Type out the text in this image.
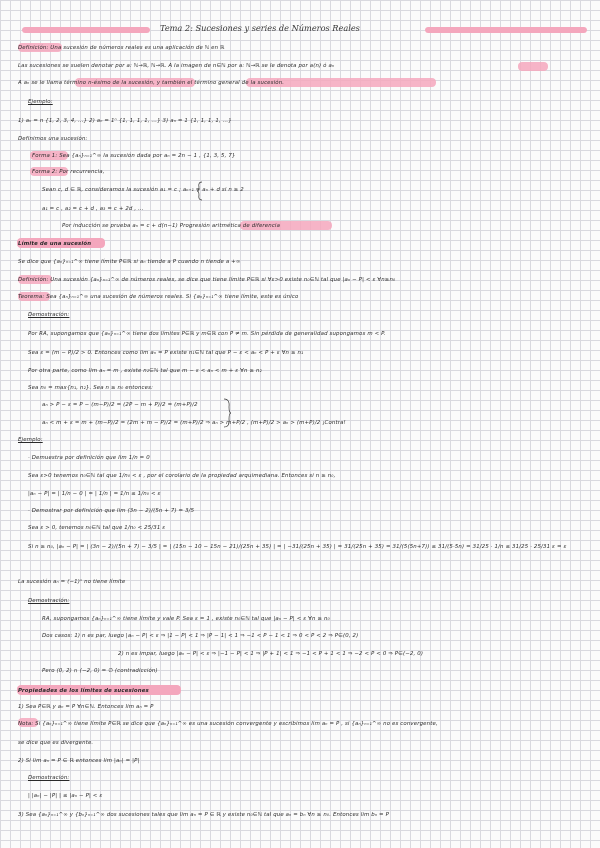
Tema 2: Sucesiones y series de Números Reales
Definición: Una sucesión de números reales es una aplicación de ℕ en ℝ
Las sucesiones se suelen denotar por a: ℕ→ℝ, ℕ→ℝ. A la imagen de n∈ℕ por a: ℕ→ℝ se le denota por a(n) ó aₙ
A aₙ se le llama término n-ésimo de la sucesión, y también el término general de la sucesión.
Ejemplo:
1) aₙ = n {1, 2, 3, 4, ...} 2) aₙ = 1ⁿ {1, 1, 1, 1, ...} 3) aₙ = 1 {1, 1, 1, 1, ...}
Definimos una sucesión:
Forma 1: Sea {aₙ}ₙ₌₁^∞ la sucesión dada por aₙ = 2n − 1 , {1, 3, 5, 7}
Forma 2: Por recurrencia,
Sean c, d ∈ ℝ, consideramos la sucesión a₁ = c ; aₙ₊₁ = aₙ + d si n ≥ 2
a₁ = c , a₂ = c + d , a₃ = c + 2d , ...
Por inducción se prueba aₙ = c + d(n−1) Progresión aritmética de diferencia
Límite de una sucesión
Se dice que {aₙ}ₙ₌₁^∞ tiene límite P∈ℝ si aₙ tiende a P cuando n tiende a +∞
Definición: Una sucesión {aₙ}ₙ₌₁^∞ de números reales, se dice que tiene límite P∈ℝ si ∀ε>0 existe n₀∈ℕ tal que |aₙ − P| < ε ∀n≥n₀
Teorema: Sea {aₙ}ₙ₌₁^∞ una sucesión de números reales. Si {aₙ}ₙ₌₁^∞ tiene límite, este es único
Demostración:
Por RA, supongamos que {aₙ}ₙ₌₁^∞ tiene dos límites P∈ℝ y m∈ℝ con P ≠ m. Sin pérdida de generalidad supongamos m < P.
Sea ε = (m − P)/2 > 0. Entonces como lim aₙ = P existe n₁∈ℕ tal que P − ε < aₙ < P + ε ∀n ≥ n₁
Por otra parte, como lim aₙ = m , existe n₂∈ℕ tal que m − ε < aₙ < m + ε ∀n ≥ n₂
Sea n₀ = max{n₁, n₂}. Sea n ≥ n₀ entonces:
aₙ > P − ε = P − (m−P)/2 = (2P − m + P)/2 = (m+P)/2
aₙ < m + ε = m + (m−P)/2 = (2m + m − P)/2 = (m+P)/2 ⇒ aₙ > m+P/2 , (m+P)/2 > aₙ > (m+P)/2 ¡Contra!
Ejemplo:
· Demuestra por definición que lim 1/n = 0
Sea ε>0 tenemos n₀∈ℕ tal que 1/n₀ < ε , por el corolario de la propiedad arquimediana. Entonces si n ≥ n₀,
|aₙ − P| = | 1/n − 0 | = | 1/n | = 1/n ≤ 1/n₀ < ε
· Demostrar por definición que lim (3n − 2)/(5n + 7) = 3/5
Sea ε > 0, tenemos n₀∈ℕ tal que 1/n₀ < 25/31 ε
Si n ≥ n₀, |aₙ − P| = | (3n − 2)/(5n + 7) − 3/5 | = | (15n − 10 − 15n − 21)/(25n + 35) | = | −31/(25n + 35) | = 31/(25n + 35) = 31/(5(5n+7)) ≤ 31/(5·5n) = 31/25 · 1/n ≤ 31/25 · 25/31 ε = ε
La sucesión aₙ = (−1)ⁿ no tiene límite
Demostración:
RA, supongamos {aₙ}ₙ₌₁^∞ tiene límite y vale P. Sea ε = 1 , existe n₀∈ℕ tal que |aₙ − P| < ε ∀n ≥ n₀
Dos casos: 1) n es par, luego |aₙ − P| < ε ⇒ |1 − P| < 1 ⇒ |P − 1| < 1 ⇒ −1 < P − 1 < 1 ⇒ 0 < P < 2 ⇒ P∈(0, 2)
2) n es impar, luego |aₙ − P| < ε ⇒ |−1 − P| < 1 ⇒ |P + 1| < 1 ⇒ −1 < P + 1 < 1 ⇒ −2 < P < 0 ⇒ P∈(−2, 0)
Pero (0, 2) ∩ (−2, 0) = ∅ (contradicción)
Propiedades de los límites de sucesiones
1) Sea P∈ℝ y aₙ = P ∀n∈ℕ. Entonces lim aₙ = P
Nota: Si {aₙ}ₙ₌₁^∞ tiene límite P∈ℝ se dice que {aₙ}ₙ₌₁^∞ es una sucesión convergente y escribimos lim aₙ = P , si {aₙ}ₙ₌₁^∞ no es convergente,
se dice que es divergente.
2) Si lim aₙ = P ∈ ℝ entonces lim |aₙ| = |P|
Demostración:
| |aₙ| − |P| | ≤ |aₙ − P| < ε
3) Sea {aₙ}ₙ₌₁^∞ y {bₙ}ₙ₌₁^∞ dos sucesiones tales que lim aₙ = P ∈ ℝ y existe n₀∈ℕ tal que aₙ = bₙ ∀n ≥ n₀. Entonces lim bₙ = P
